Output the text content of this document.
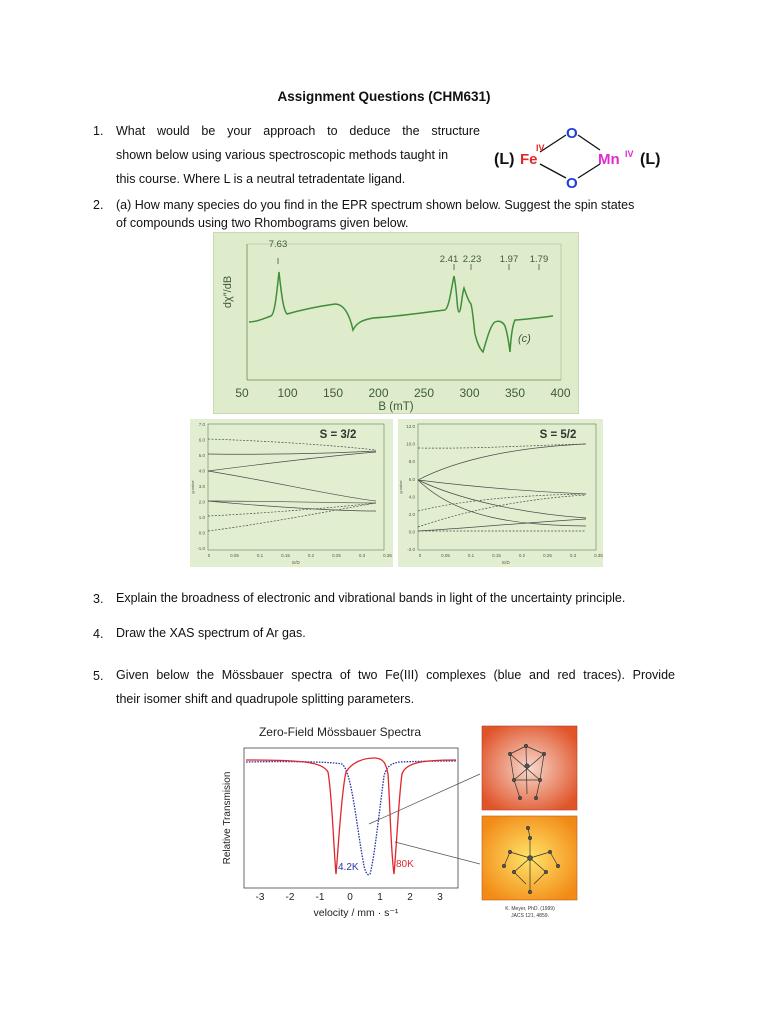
Assignment Questions (CHM631)
1. What would be your approach to deduce the structure
shown below using various spectroscopic methods taught in
this course. Where L is a neutral tetradentate ligand.
O
O
(L) Fe
IV
Mn IV (L)
2. (a) How many species do you find in the EPR spectrum shown below. Suggest the spin states
of compounds using two Rhombograms given below.
dχ″/dB
7.63
2.41 2.23 1.97 1.79
(c)
50 100 150 200 250 300 350 400
B (mT)
S = 3/2
g-value
7.0
6.0
5.0
4.0
3.0
2.0
1.0
0.0
-1.0
0	0.05	0.1	0.15	0.2	0.25	0.3	0.35
E/D
S = 5/2
g-value
12.0
10.0
8.0
6.0
4.0
2.0
0.0
-2.0
0	0.05	0.1	0.15	0.2	0.25	0.3	0.35
E/D
3. Explain the broadness of electronic and vibrational bands in light of the uncertainty principle.
4. Draw the XAS spectrum of Ar gas.
5. Given below the Mössbauer spectra of two Fe(III) complexes (blue and red traces). Provide
their isomer shift and quadrupole splitting parameters.
Zero-Field Mössbauer Spectra
Relative Transmision
-3 -2 -1 0 1 2 3
velocity / mm · s⁻¹
4.2K	80K
K. Meyer, PhD. (1999)
JACS 121, 4859.
